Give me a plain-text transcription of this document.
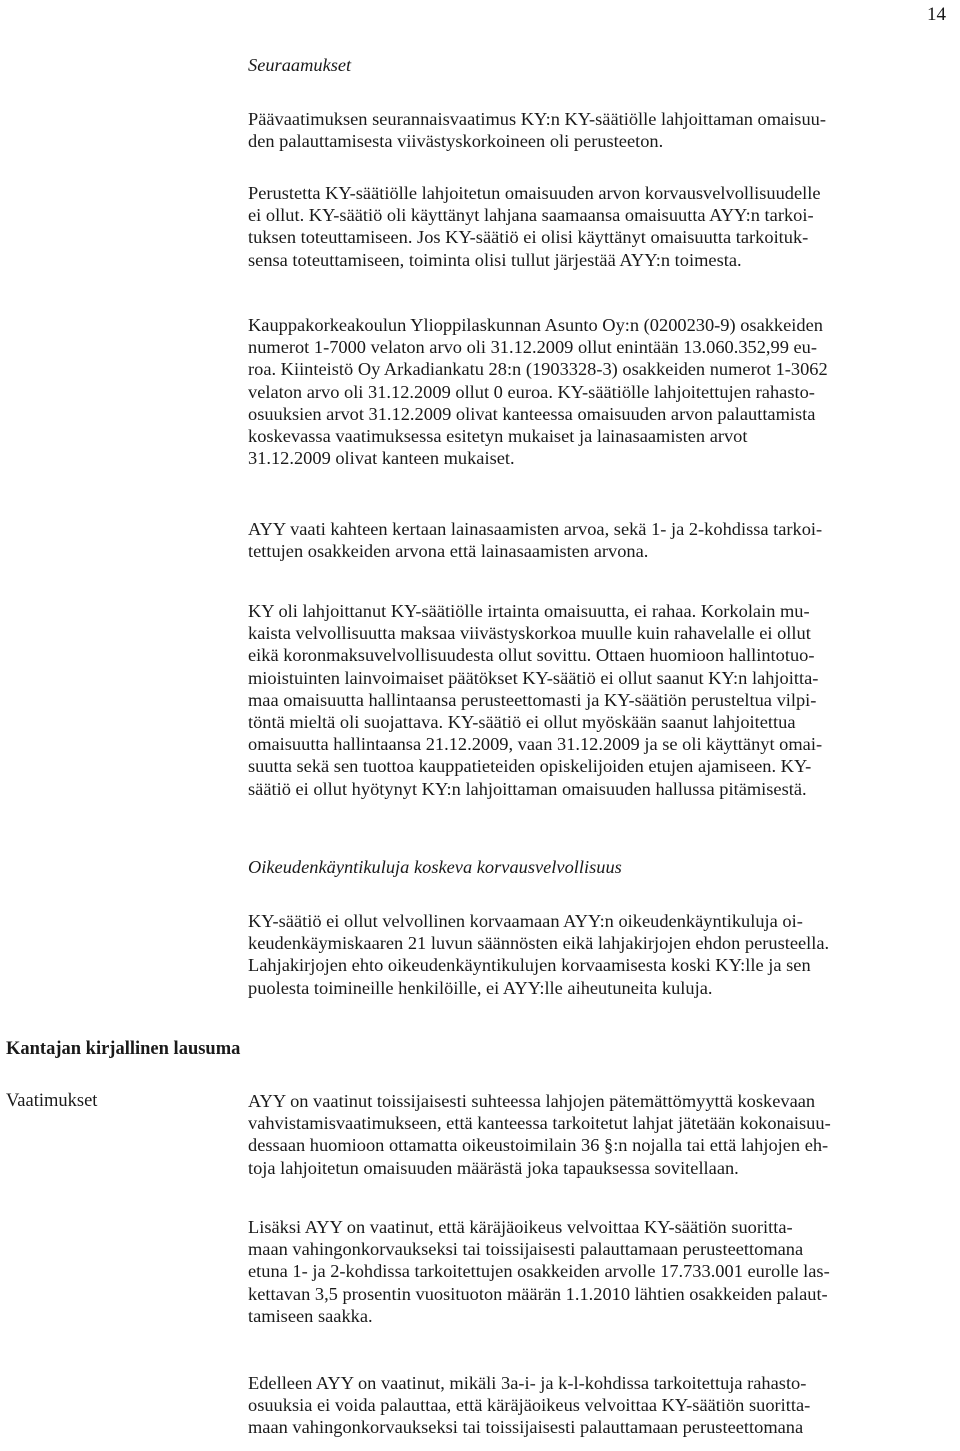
14
Seuraamukset
Päävaatimuksen seurannaisvaatimus KY:n KY-säätiölle lahjoittaman omaisuu-
den palauttamisesta viivästyskorkoineen oli perusteeton.
Perustetta KY-säätiölle lahjoitetun omaisuuden arvon korvausvelvollisuudelle
ei ollut. KY-säätiö oli käyttänyt lahjana saamaansa omaisuutta AYY:n tarkoi-
tuksen toteuttamiseen. Jos KY-säätiö ei olisi käyttänyt omaisuutta tarkoituk-
sensa toteuttamiseen, toiminta olisi tullut järjestää AYY:n toimesta.
Kauppakorkeakoulun Ylioppilaskunnan Asunto Oy:n (0200230-9) osakkeiden
numerot 1-7000 velaton arvo oli 31.12.2009 ollut enintään 13.060.352,99 eu-
roa. Kiinteistö Oy Arkadiankatu 28:n (1903328-3) osakkeiden numerot 1-3062
velaton arvo oli 31.12.2009 ollut 0 euroa. KY-säätiölle lahjoitettujen rahasto-
osuuksien arvot 31.12.2009 olivat kanteessa omaisuuden arvon palauttamista
koskevassa vaatimuksessa esitetyn mukaiset ja lainasaamisten arvot
31.12.2009 olivat kanteen mukaiset.
AYY vaati kahteen kertaan lainasaamisten arvoa, sekä 1- ja 2-kohdissa tarkoi-
tettujen osakkeiden arvona että lainasaamisten arvona.
KY oli lahjoittanut KY-säätiölle irtainta omaisuutta, ei rahaa. Korkolain mu-
kaista velvollisuutta maksaa viivästyskorkoa muulle kuin rahavelalle ei ollut
eikä koronmaksuvelvollisuudesta ollut sovittu. Ottaen huomioon hallintotuo-
mioistuinten lainvoimaiset päätökset KY-säätiö ei ollut saanut KY:n lahjoitta-
maa omaisuutta hallintaansa perusteettomasti ja KY-säätiön perusteltua vilpi-
töntä mieltä oli suojattava. KY-säätiö ei ollut myöskään saanut lahjoitettua
omaisuutta hallintaansa 21.12.2009, vaan 31.12.2009 ja se oli käyttänyt omai-
suutta sekä sen tuottoa kauppatieteiden opiskelijoiden etujen ajamiseen. KY-
säätiö ei ollut hyötynyt KY:n lahjoittaman omaisuuden hallussa pitämisestä.
Oikeudenkäyntikuluja koskeva korvausvelvollisuus
KY-säätiö ei ollut velvollinen korvaamaan AYY:n oikeudenkäyntikuluja oi-
keudenkäymiskaaren 21 luvun säännösten eikä lahjakirjojen ehdon perusteella.
Lahjakirjojen ehto oikeudenkäyntikulujen korvaamisesta koski KY:lle ja sen
puolesta toimineille henkilöille, ei AYY:lle aiheutuneita kuluja.
Kantajan kirjallinen lausuma
Vaatimukset	AYY on vaatinut toissijaisesti suhteessa lahjojen pätemättömyyttä koskevaan
vahvistamisvaatimukseen, että kanteessa tarkoitetut lahjat jätetään kokonaisuu-
dessaan huomioon ottamatta oikeustoimilain 36 §:n nojalla tai että lahjojen eh-
toja lahjoitetun omaisuuden määrästä joka tapauksessa sovitellaan.
Lisäksi AYY on vaatinut, että käräjäoikeus velvoittaa KY-säätiön suoritta-
maan vahingonkorvaukseksi tai toissijaisesti palauttamaan perusteettomana
etuna 1- ja 2-kohdissa tarkoitettujen osakkeiden arvolle 17.733.001 eurolle las-
kettavan 3,5 prosentin vuosituoton määrän 1.1.2010 lähtien osakkeiden palaut-
tamiseen saakka.
Edelleen AYY on vaatinut, mikäli 3a-i- ja k-l-kohdissa tarkoitettuja rahasto-
osuuksia ei voida palauttaa, että käräjäoikeus velvoittaa KY-säätiön suoritta-
maan vahingonkorvaukseksi tai toissijaisesti palauttamaan perusteettomana
